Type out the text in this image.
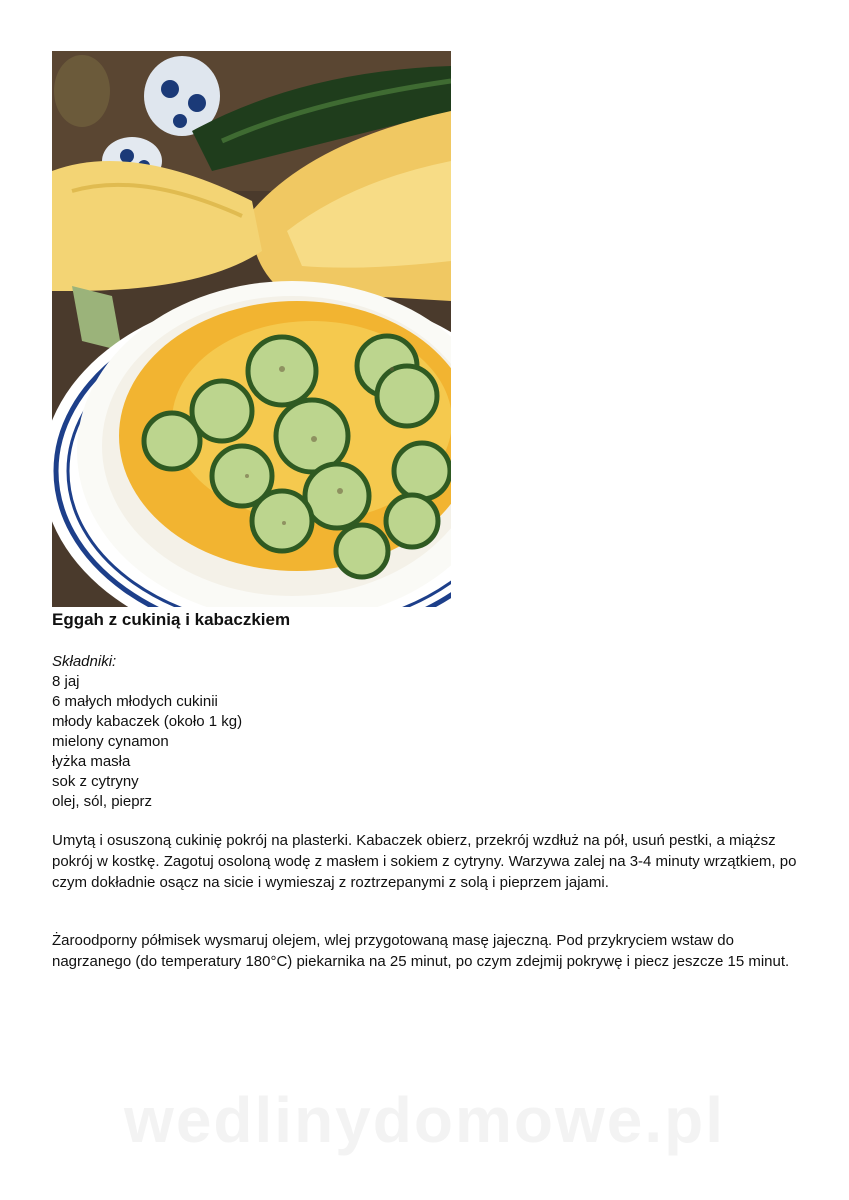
Eggah z cukinią i kabaczkiem
Składniki:
8 jaj
6 małych młodych cukinii
młody kabaczek (około 1 kg)
mielony cynamon
łyżka masła
sok z cytryny
olej, sól, pieprz

Umytą i osuszoną cukinię pokrój na plasterki. Kabaczek obierz, przekrój wzdłuż na pół, usuń pestki, a miąższ pokrój w kostkę. Zagotuj osoloną wodę z masłem i sokiem z cytryny. Warzywa zalej na 3-4 minuty wrzątkiem, po czym dokładnie osącz na sicie i wymieszaj z roztrzepanymi z solą i pieprzem jajami.

Żaroodporny półmisek wysmaruj olejem, wlej przygotowaną masę jajeczną. Pod przykryciem wstaw do nagrzanego (do temperatury 180°C) piekarnika na 25 minut, po czym zdejmij pokrywę i piecz jeszcze 15 minut.

wedlinydomowe.pl
